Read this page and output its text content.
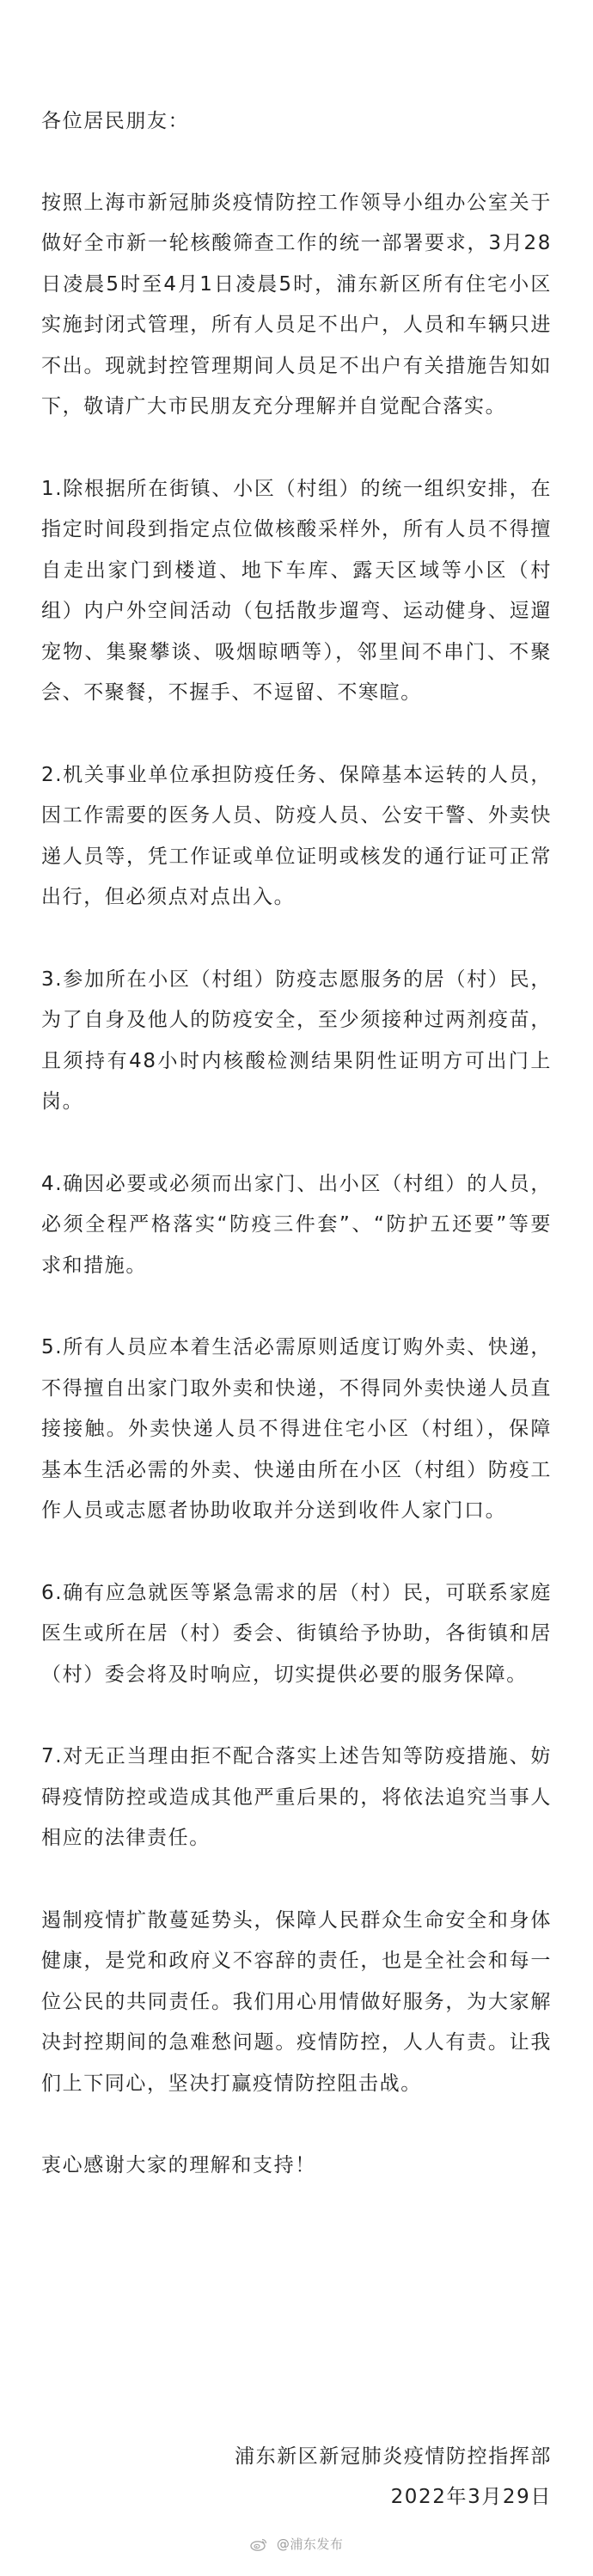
各位居民朋友：

按照上海市新冠肺炎疫情防控工作领导小组办公室关于做好全市新一轮核酸筛查工作的统一部署要求，3月28日凌晨5时至4月1日凌晨5时，浦东新区所有住宅小区实施封闭式管理，所有人员足不出户，人员和车辆只进不出。现就封控管理期间人员足不出户有关措施告知如下，敬请广大市民朋友充分理解并自觉配合落实。

1.除根据所在街镇、小区（村组）的统一组织安排，在指定时间段到指定点位做核酸采样外，所有人员不得擅自走出家门到楼道、地下车库、露天区域等小区（村组）内户外空间活动（包括散步遛弯、运动健身、逗遛宠物、集聚攀谈、吸烟晾晒等），邻里间不串门、不聚会、不聚餐，不握手、不逗留、不寒暄。

2.机关事业单位承担防疫任务、保障基本运转的人员，因工作需要的医务人员、防疫人员、公安干警、外卖快递人员等，凭工作证或单位证明或核发的通行证可正常出行，但必须点对点出入。

3.参加所在小区（村组）防疫志愿服务的居（村）民，为了自身及他人的防疫安全，至少须接种过两剂疫苗，且须持有48小时内核酸检测结果阴性证明方可出门上岗。

4.确因必要或必须而出家门、出小区（村组）的人员，必须全程严格落实“防疫三件套”、“防护五还要”等要求和措施。

5.所有人员应本着生活必需原则适度订购外卖、快递，不得擅自出家门取外卖和快递，不得同外卖快递人员直接接触。外卖快递人员不得进住宅小区（村组），保障基本生活必需的外卖、快递由所在小区（村组）防疫工作人员或志愿者协助收取并分送到收件人家门口。

6.确有应急就医等紧急需求的居（村）民，可联系家庭医生或所在居（村）委会、街镇给予协助，各街镇和居（村）委会将及时响应，切实提供必要的服务保障。

7.对无正当理由拒不配合落实上述告知等防疫措施、妨碍疫情防控或造成其他严重后果的，将依法追究当事人相应的法律责任。

遏制疫情扩散蔓延势头，保障人民群众生命安全和身体健康，是党和政府义不容辞的责任，也是全社会和每一位公民的共同责任。我们用心用情做好服务，为大家解决封控期间的急难愁问题。疫情防控，人人有责。让我们上下同心，坚决打赢疫情防控阻击战。

衷心感谢大家的理解和支持！

浦东新区新冠肺炎疫情防控指挥部
2022年3月29日
@浦东发布
